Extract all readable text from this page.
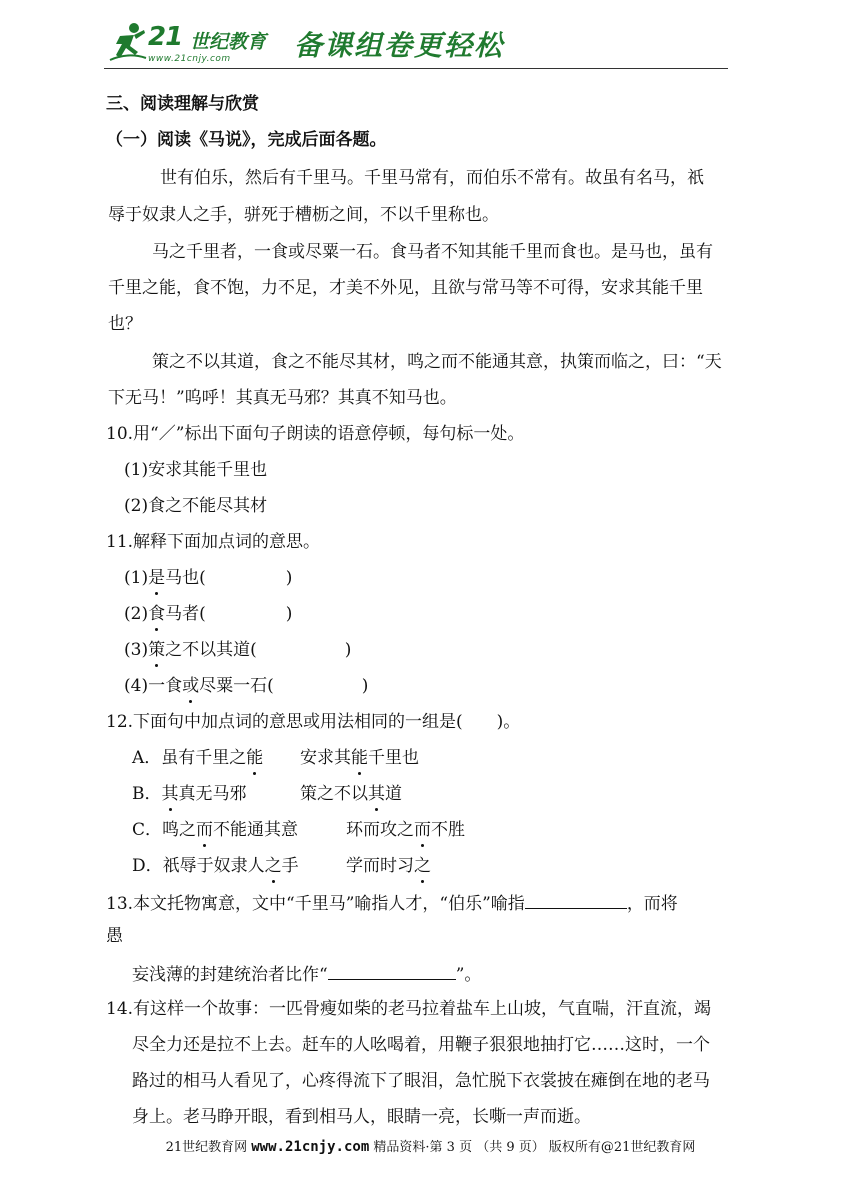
21 世纪教育
www.21cnjy.com 备课组卷更轻松
三、阅读理解与欣赏
（一）阅读《马说》，完成后面各题。
世有伯乐，然后有千里马。千里马常有，而伯乐不常有。故虽有名马，祇
辱于奴隶人之手，骈死于槽枥之间，不以千里称也。
马之千里者，一食或尽粟一石。食马者不知其能千里而食也。是马也，虽有
千里之能，食不饱，力不足，才美不外见，且欲与常马等不可得，安求其能千里
也？
策之不以其道，食之不能尽其材，鸣之而不能通其意，执策而临之，曰：“天
下无马！”呜呼！其真无马邪？其真不知马也。
10.用“／”标出下面句子朗读的语意停顿，每句标一处。
(1)安求其能千里也
(2)食之不能尽其材
11.解释下面加点词的意思。
(1)是马也(	)
(2)食马者(	)
(3)策之不以其道(	)
(4)一食或尽粟一石(	)
12.下面句中加点词的意思或用法相同的一组是(　　)。
A．虽有千里之能 安求其能千里也
B．其真无马邪	策之不以其道
C．鸣之而不能通其意	环而攻之而不胜
D．祇辱于奴隶人之手	学而时习之
13.本文托物寓意，文中“千里马”喻指人才，“伯乐”喻指	，而将
愚
妄浅薄的封建统治者比作“	”。
14.有这样一个故事：一匹骨瘦如柴的老马拉着盐车上山坡，气直喘，汗直流，竭
尽全力还是拉不上去。赶车的人吆喝着，用鞭子狠狠地抽打它……这时，一个
路过的相马人看见了，心疼得流下了眼泪，急忙脱下衣裳披在瘫倒在地的老马
身上。老马睁开眼，看到相马人，眼睛一亮，长嘶一声而逝。
21世纪教育网 www.21cnjy.com 精品资料·第 3 页 （共 9 页） 版权所有@21世纪教育网
